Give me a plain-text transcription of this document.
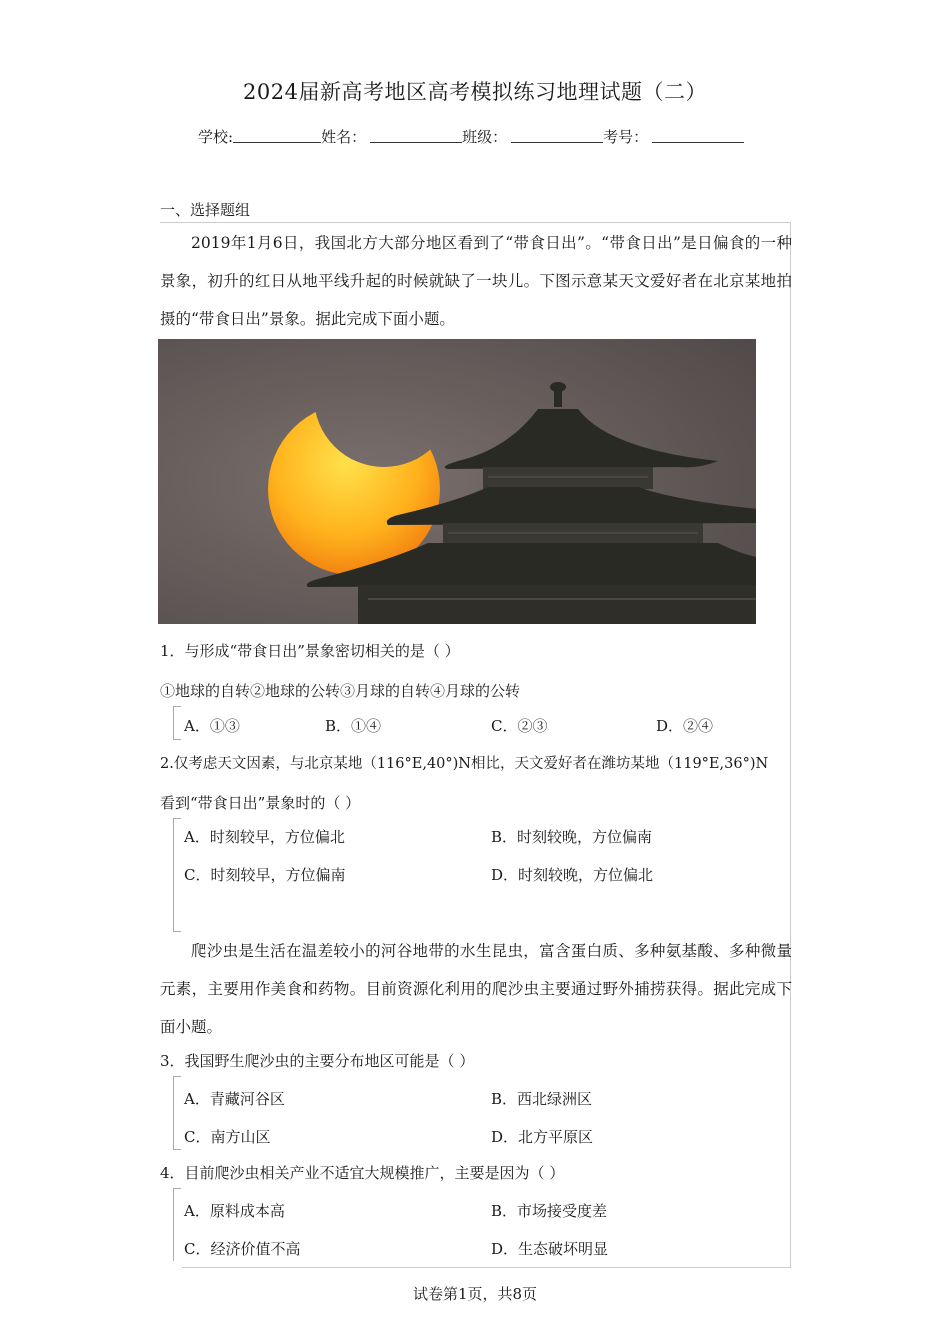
2024届新高考地区高考模拟练习地理试题（二）
学校:	姓名：	班级：	考号：
一、选择题组
2019年1月6日，我国北方大部分地区看到了“带食日出”。“带食日出”是日偏食的一种景象，初升的红日从地平线升起的时候就缺了一块儿。下图示意某天文爱好者在北京某地拍摄的“带食日出”景象。据此完成下面小题。
1．与形成“带食日出”景象密切相关的是（ ）
①地球的自转②地球的公转③月球的自转④月球的公转
A．①③	B．①④	C．②③	D．②④
2.仅考虑天文因素，与北京某地（116°E,40°)N相比，天文爱好者在潍坊某地（119°E,36°)N
看到“带食日出”景象时的（ ）
A．时刻较早，方位偏北	B．时刻较晚，方位偏南
C．时刻较早，方位偏南	D．时刻较晚，方位偏北
爬沙虫是生活在温差较小的河谷地带的水生昆虫，富含蛋白质、多种氨基酸、多种微量元素，主要用作美食和药物。目前资源化利用的爬沙虫主要通过野外捕捞获得。据此完成下面小题。
3．我国野生爬沙虫的主要分布地区可能是（ ）
A．青藏河谷区	B．西北绿洲区
C．南方山区	D．北方平原区
4．目前爬沙虫相关产业不适宜大规模推广，主要是因为（ ）
A．原料成本高	B．市场接受度差
C．经济价值不高	D．生态破坏明显
试卷第1页，共8页
